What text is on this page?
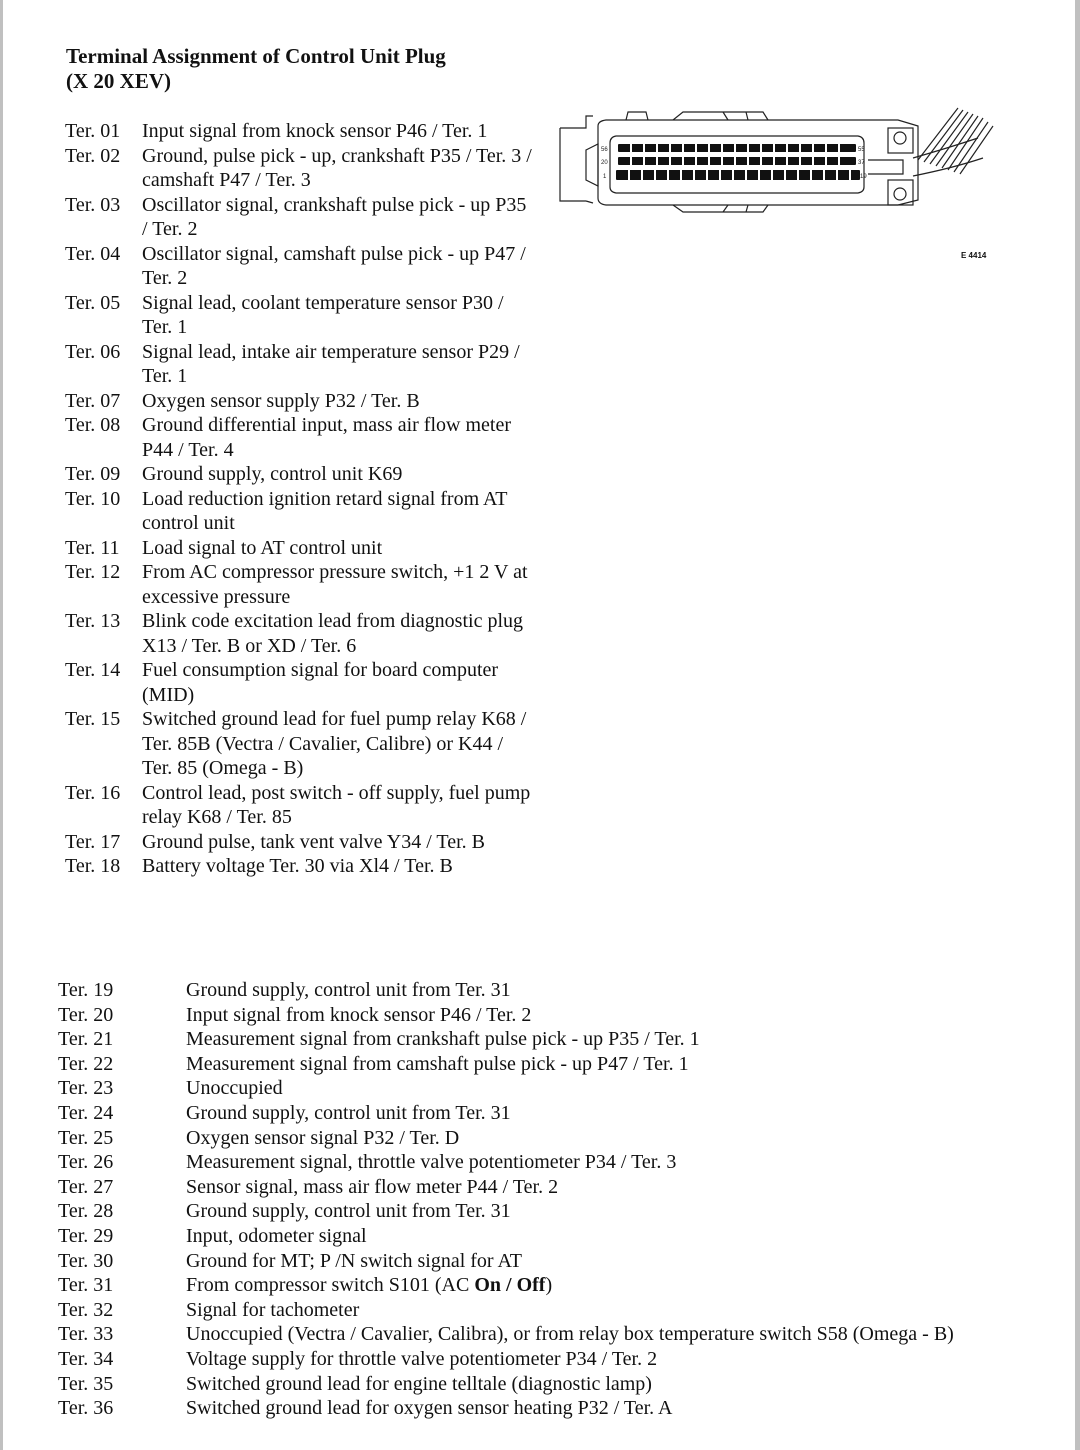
Terminal Assignment of Control Unit Plug
(X 20 XEV)
Ter. 01	Input signal from knock sensor P46 / Ter. 1
Ter. 02	Ground, pulse pick - up, crankshaft P35 / Ter. 3 / camshaft P47 / Ter. 3
Ter. 03	Oscillator signal, crankshaft pulse pick - up P35 / Ter. 2
Ter. 04	Oscillator signal, camshaft pulse pick - up P47 / Ter. 2
Ter. 05	Signal lead, coolant temperature sensor P30 / Ter. 1
Ter. 06	Signal lead, intake air temperature sensor P29 / Ter. 1
Ter. 07	Oxygen sensor supply P32 / Ter. B
Ter. 08	Ground differential input, mass air flow meter P44 / Ter. 4
Ter. 09	Ground supply, control unit K69
Ter. 10	Load reduction ignition retard signal from AT control unit
Ter. 11	Load signal to AT control unit
Ter. 12	From AC compressor pressure switch, +1 2 V at excessive pressure
Ter. 13	Blink code excitation lead from diagnostic plug X13 / Ter. B or XD / Ter. 6
Ter. 14	Fuel consumption signal for board computer (MID)
Ter. 15	Switched ground lead for fuel pump relay K68 / Ter. 85B (Vectra / Cavalier, Calibre) or K44 / Ter. 85 (Omega - B)
Ter. 16	Control lead, post switch - off supply, fuel pump relay K68 / Ter. 85
Ter. 17	Ground pulse, tank vent valve Y34 / Ter. B
Ter. 18	Battery voltage Ter. 30 via Xl4 / Ter. B
56
20
1
55
37
19
E 4414
Ter. 19	Ground supply, control unit from Ter. 31
Ter. 20	Input signal from knock sensor P46 / Ter. 2
Ter. 21	Measurement signal from crankshaft pulse pick - up P35 / Ter. 1
Ter. 22	Measurement signal from camshaft pulse pick - up P47 / Ter. 1
Ter. 23	Unoccupied
Ter. 24	Ground supply, control unit from Ter. 31
Ter. 25	Oxygen sensor signal P32 / Ter. D
Ter. 26	Measurement signal, throttle valve potentiometer P34 / Ter. 3
Ter. 27	Sensor signal, mass air flow meter P44 / Ter. 2
Ter. 28	Ground supply, control unit from Ter. 31
Ter. 29	Input, odometer signal
Ter. 30	Ground for MT; P /N switch signal for AT
Ter. 31	From compressor switch S101 (AC On / Off)
Ter. 32	Signal for tachometer
Ter. 33	Unoccupied (Vectra / Cavalier, Calibra), or from relay box temperature switch S58 (Omega - B)
Ter. 34	Voltage supply for throttle valve potentiometer P34 / Ter. 2
Ter. 35	Switched ground lead for engine telltale (diagnostic lamp)
Ter. 36	Switched ground lead for oxygen sensor heating P32 / Ter. A
